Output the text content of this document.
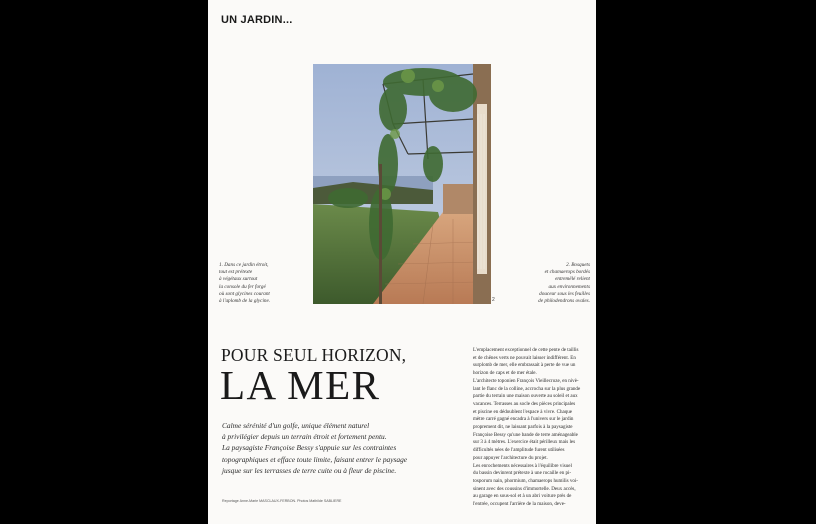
UN JARDIN...
2
1. Dans ce jardin étroit,
tout est prétexte
à végétaux surtout
la console du fer forgé
où sont glycines courant
à l'aplomb de la glycine.
2. Bosquets
et chamaerops bordés
entremêlé relient
aux environnements
douceur sous les feuilles
de philodendrons ovales.
POUR SEUL HORIZON,
LA MER
Calme sérénité d'un golfe, unique élément naturel
à privilégier depuis un terrain étroit et fortement pentu.
La paysagiste Françoise Bessy s'appuie sur les contraintes
topographiques et efface toute limite, faisant entrer le paysage
jusque sur les terrasses de terre cuite ou à fleur de piscine.
Reportage Anne-Marie MASCLAUX-FERBON. Photos Mathilde SABLIERE
L'emplacement exceptionnel de cette pente de taillis
et de chênes verts ne pouvait laisser indifférent. En
surplomb de mer, elle embrassait à perte de vue un
horizon de caps et de mer étale.
L'architecte toponien François Vieillecroze, en nivè-
lant le flanc de la colline, accrocha sur la plus grande
partie du terrain une maison ouverte au soleil et aux
vacances. Terrasses au socle des pièces principales
et piscine en dédoublent l'espace à vivre. Chaque
mètre carré gagné encadra à l'univers sur le jardin
proprement dit, ne laissant parfois à la paysagiste
Françoise Bessy qu'une bande de terre aménageable
sur 3 à 4 mètres. L'exercice était périlleux mais les
difficultés nées de l'amplitude furent utilisées
pour appuyer l'architecture du projet.
Les enrochements nécessaires à l'équilibre visuel
du bassin devinrent prétexte à une rocaille en pi-
tosporum nain, phormium, chamaerops humilis voi-
sinent avec des coussins d'immortelle. Deux accès,
au garage en sous-sol et à un abri voiture près de
l'entrée, occupent l'arrière de la maison, deve-
